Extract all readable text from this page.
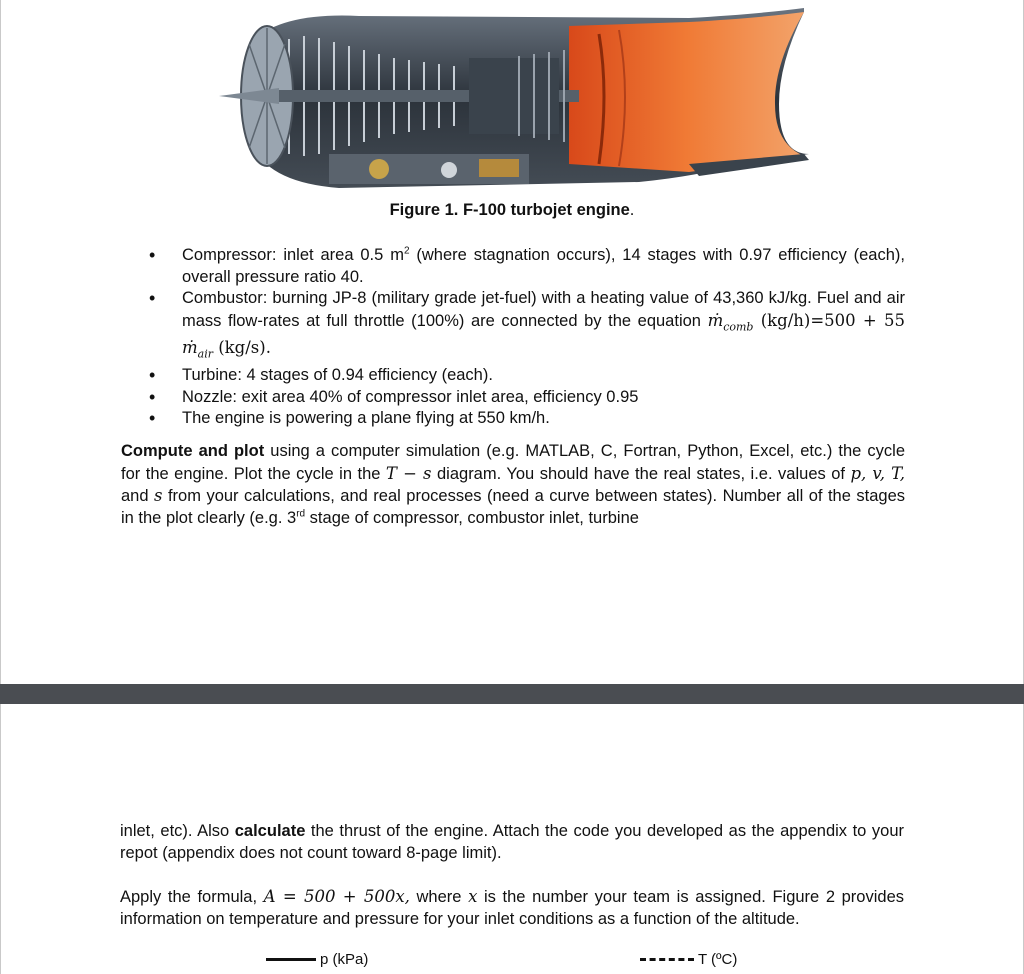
Figure 1. F-100 turbojet engine.
• Compressor: inlet area 0.5 $m^2$ (where stagnation occurs), 14 stages with 0.97 efficiency (each), overall pressure ratio 40.
• Combustor: burning JP-8 (military grade jet-fuel) with a heating value of 43,360 kJ/kg. Fuel and air mass flow-rates at full throttle (100%) are connected by the equation ṁ$_{comb}$ (kg/h)=500 + 55 ṁ$_{air}$ (kg/s).
• Turbine: 4 stages of 0.94 efficiency (each).
• Nozzle: exit area 40% of compressor inlet area, efficiency 0.95
• The engine is powering a plane flying at 550 km/h.

Compute and plot using a computer simulation (e.g. MATLAB, C, Fortran, Python, Excel, etc.) the cycle for the engine. Plot the cycle in the T − s diagram. You should have the real states, i.e. values of p, v, T, and s from your calculations, and real processes (need a curve between states). Number all of the stages in the plot clearly (e.g. 3rd stage of compressor, combustor inlet, turbine

inlet, etc). Also calculate the thrust of the engine. Attach the code you developed as the appendix to your repot (appendix does not count toward 8-page limit).

Apply the formula, A = 500 + 500x, where x is the number your team is assigned. Figure 2 provides information on temperature and pressure for your inlet conditions as a function of the altitude.

p (kPa)	T (ºC)
